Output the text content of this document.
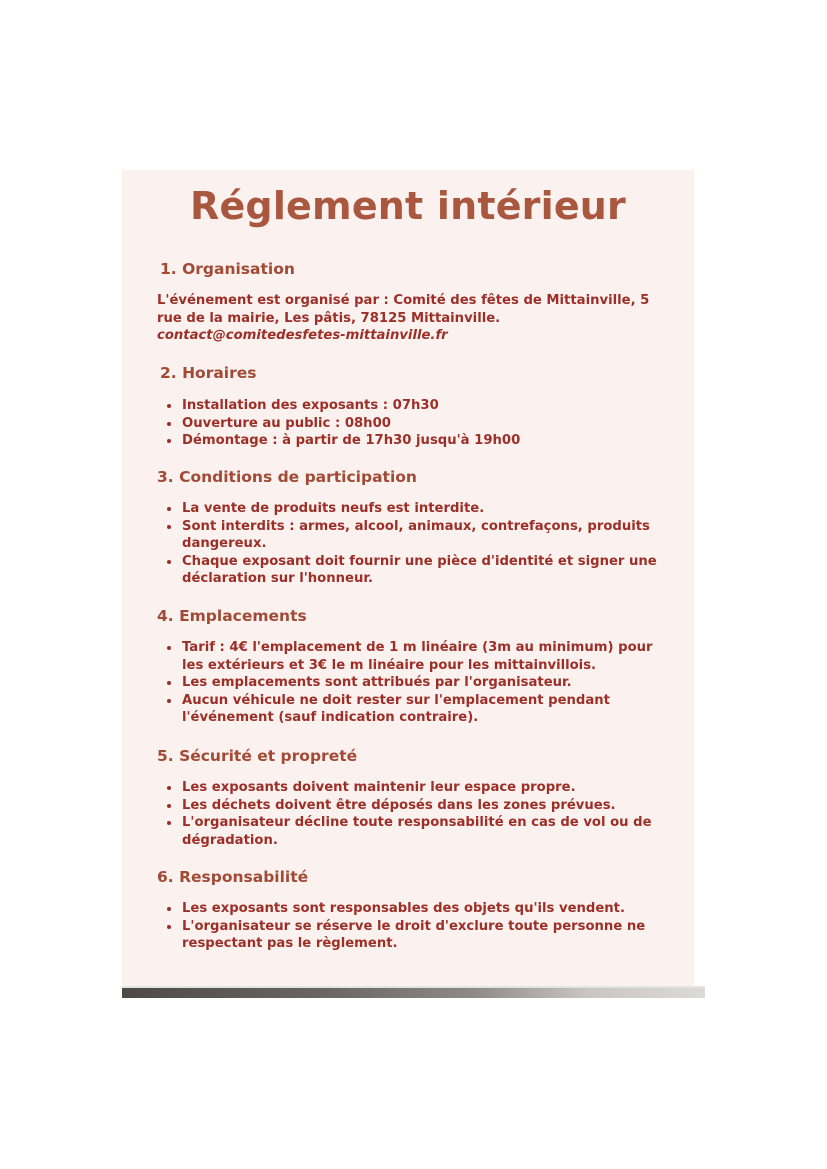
Réglement intérieur
1. Organisation

L'événement est organisé par : Comité des fêtes de Mittainville, 5 rue de la mairie, Les pâtis, 78125 Mittainville.
contact@comitedesfetes-mittainville.fr

2. Horaires
Installation des exposants : 07h30
Ouverture au public : 08h00
Démontage : à partir de 17h30 jusqu'à 19h00
3. Conditions de participation
La vente de produits neufs est interdite.
Sont interdits : armes, alcool, animaux, contrefaçons, produits dangereux.
Chaque exposant doit fournir une pièce d'identité et signer une déclaration sur l'honneur.
4. Emplacements
Tarif : 4€ l'emplacement de 1 m linéaire (3m au minimum) pour les extérieurs et 3€ le m linéaire pour les mittainvillois.
Les emplacements sont attribués par l'organisateur.
Aucun véhicule ne doit rester sur l'emplacement pendant l'événement (sauf indication contraire).
5. Sécurité et propreté
Les exposants doivent maintenir leur espace propre.
Les déchets doivent être déposés dans les zones prévues.
L'organisateur décline toute responsabilité en cas de vol ou de dégradation.
6. Responsabilité
Les exposants sont responsables des objets qu'ils vendent.
L'organisateur se réserve le droit d'exclure toute personne ne respectant pas le règlement.
